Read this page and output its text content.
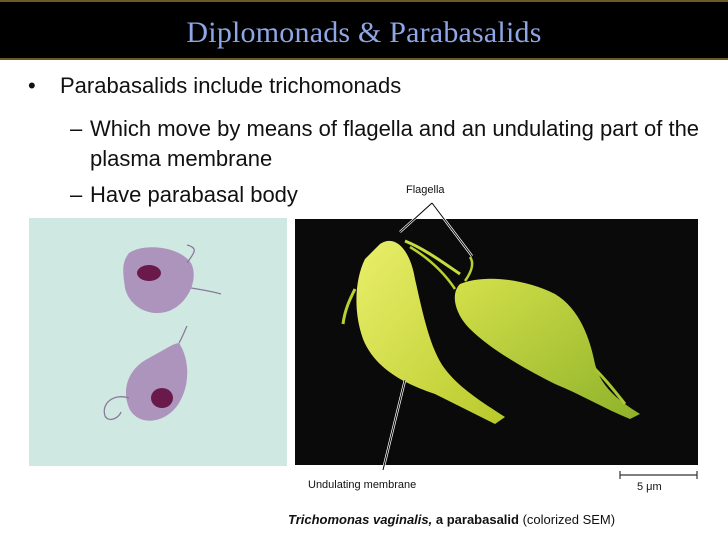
Diplomonads & Parabasalids
• Parabasalids include trichomonads
– Which move by means of flagella and an undulating part of the plasma membrane
– Have parabasal body	Flagella
Undulating membrane	5 μm
Trichomonas vaginalis, a parabasalid (colorized SEM)
